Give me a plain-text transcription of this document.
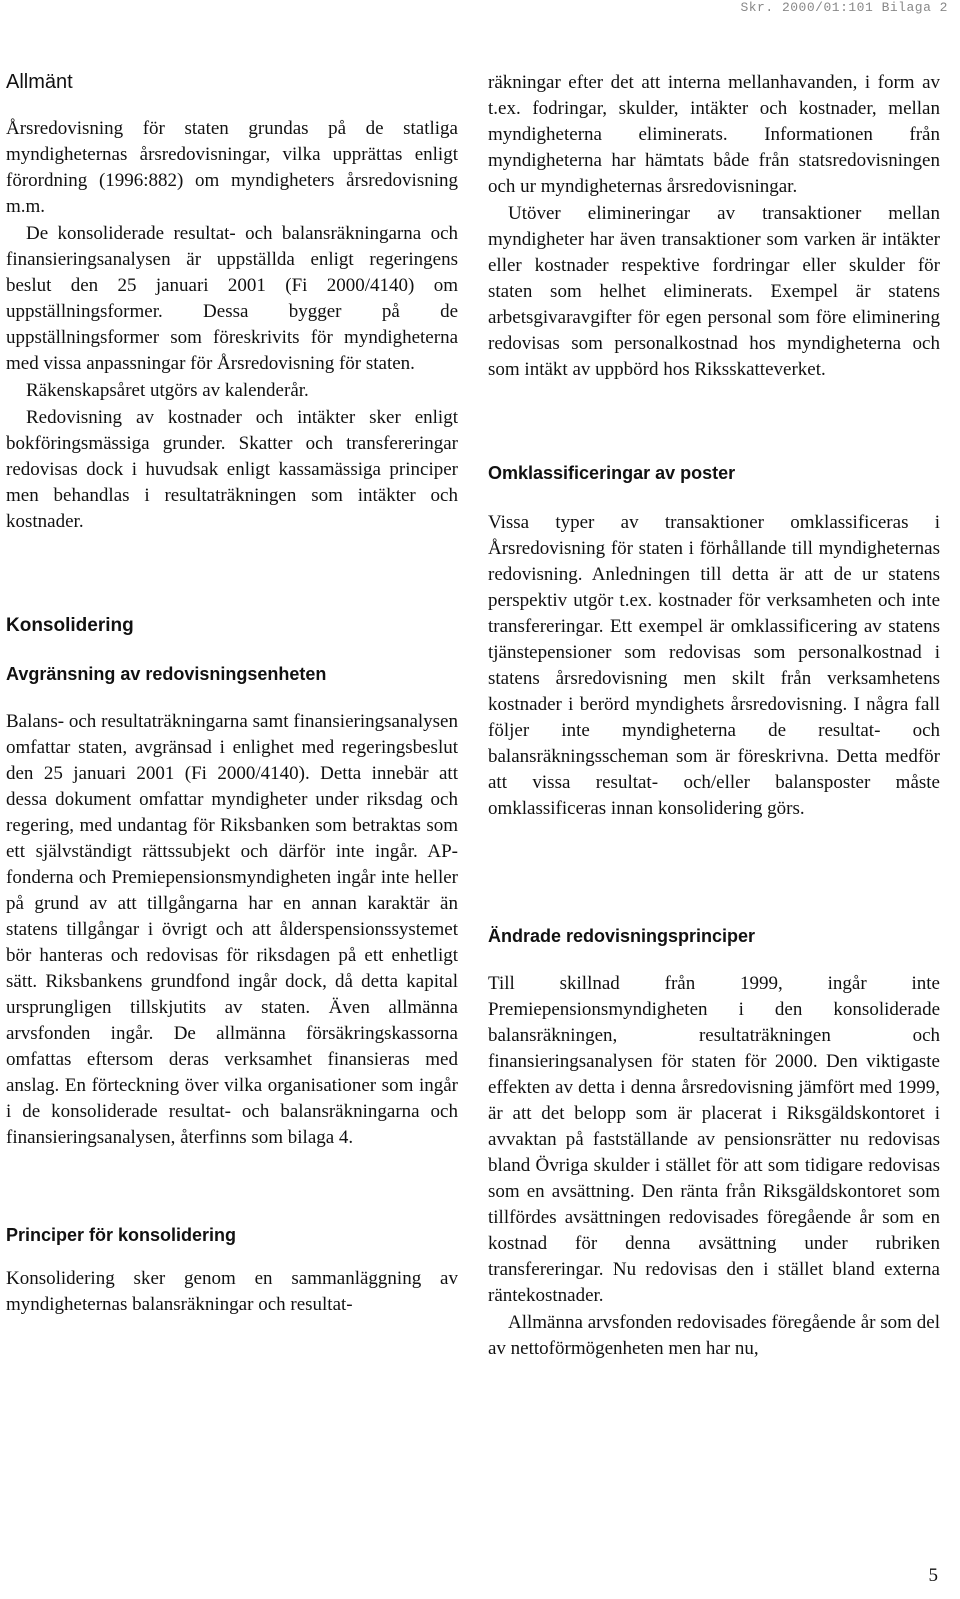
Skr. 2000/01:101 Bilaga 2
Allmänt

Årsredovisning för staten grundas på de statliga myndigheternas årsredovisningar, vilka upprättas enligt förordning (1996:882) om myndigheters årsredovisning m.m.

De konsoliderade resultat- och balansräkningarna och finansieringsanalysen är uppställda enligt regeringens beslut den 25 januari 2001 (Fi 2000/4140) om uppställningsformer. Dessa bygger på de uppställningsformer som föreskrivits för myndigheterna med vissa anpassningar för Årsredovisning för staten.

Räkenskapsåret utgörs av kalenderår.

Redovisning av kostnader och intäkter sker enligt bokföringsmässiga grunder. Skatter och transfereringar redovisas dock i huvudsak enligt kassamässiga principer men behandlas i resultaträkningen som intäkter och kostnader.

Konsolidering
Avgränsning av redovisningsenheten

Balans- och resultaträkningarna samt finansieringsanalysen omfattar staten, avgränsad i enlighet med regeringsbeslut den 25 januari 2001 (Fi 2000/4140). Detta innebär att dessa dokument omfattar myndigheter under riksdag och regering, med undantag för Riksbanken som betraktas som ett självständigt rättssubjekt och därför inte ingår. AP-fonderna och Premiepensionsmyndigheten ingår inte heller på grund av att tillgångarna har en annan karaktär än statens tillgångar i övrigt och att ålderspensionssystemet bör hanteras och redovisas för riksdagen på ett enhetligt sätt. Riksbankens grundfond ingår dock, då detta kapital ursprungligen tillskjutits av staten. Även allmänna arvsfonden ingår. De allmänna försäkringskassorna omfattas eftersom deras verksamhet finansieras med anslag. En förteckning över vilka organisationer som ingår i de konsoliderade resultat- och balansräkningarna och finansieringsanalysen, återfinns som bilaga 4.

Principer för konsolidering

Konsolidering sker genom en sammanläggning av myndigheternas balansräkningar och resultat-

räkningar efter det att interna mellanhavanden, i form av t.ex. fodringar, skulder, intäkter och kostnader, mellan myndigheterna eliminerats. Informationen från myndigheterna har hämtats både från statsredovisningen och ur myndigheternas årsredovisningar.

Utöver elimineringar av transaktioner mellan myndigheter har även transaktioner som varken är intäkter eller kostnader respektive fordringar eller skulder för staten som helhet eliminerats. Exempel är statens arbetsgivaravgifter för egen personal som före eliminering redovisas som personalkostnad hos myndigheterna och som intäkt av uppbörd hos Riksskatteverket.

Omklassificeringar av poster

Vissa typer av transaktioner omklassificeras i Årsredovisning för staten i förhållande till myndigheternas redovisning. Anledningen till detta är att de ur statens perspektiv utgör t.ex. kostnader för verksamheten och inte transfereringar. Ett exempel är omklassificering av statens tjänstepensioner som redovisas som personalkostnad i statens årsredovisning men skilt från verksamhetens kostnader i berörd myndighets årsredovisning. I några fall följer inte myndigheterna de resultat- och balansräkningsscheman som är föreskrivna. Detta medför att vissa resultat- och/eller balansposter måste omklassificeras innan konsolidering görs.

Ändrade redovisningsprinciper

Till skillnad från 1999, ingår inte Premiepensionsmyndigheten i den konsoliderade balansräkningen, resultaträkningen och finansieringsanalysen för staten för 2000. Den viktigaste effekten av detta i denna årsredovisning jämfört med 1999, är att det belopp som är placerat i Riksgäldskontoret i avvaktan på fastställande av pensionsrätter nu redovisas bland Övriga skulder i stället för att som tidigare redovisas som en avsättning. Den ränta från Riksgäldskontoret som tillfördes avsättningen redovisades föregående år som en kostnad för denna avsättning under rubriken transfereringar. Nu redovisas den i stället bland externa räntekostnader.

Allmänna arvsfonden redovisades föregående år som del av nettoförmögenheten men har nu,

5
